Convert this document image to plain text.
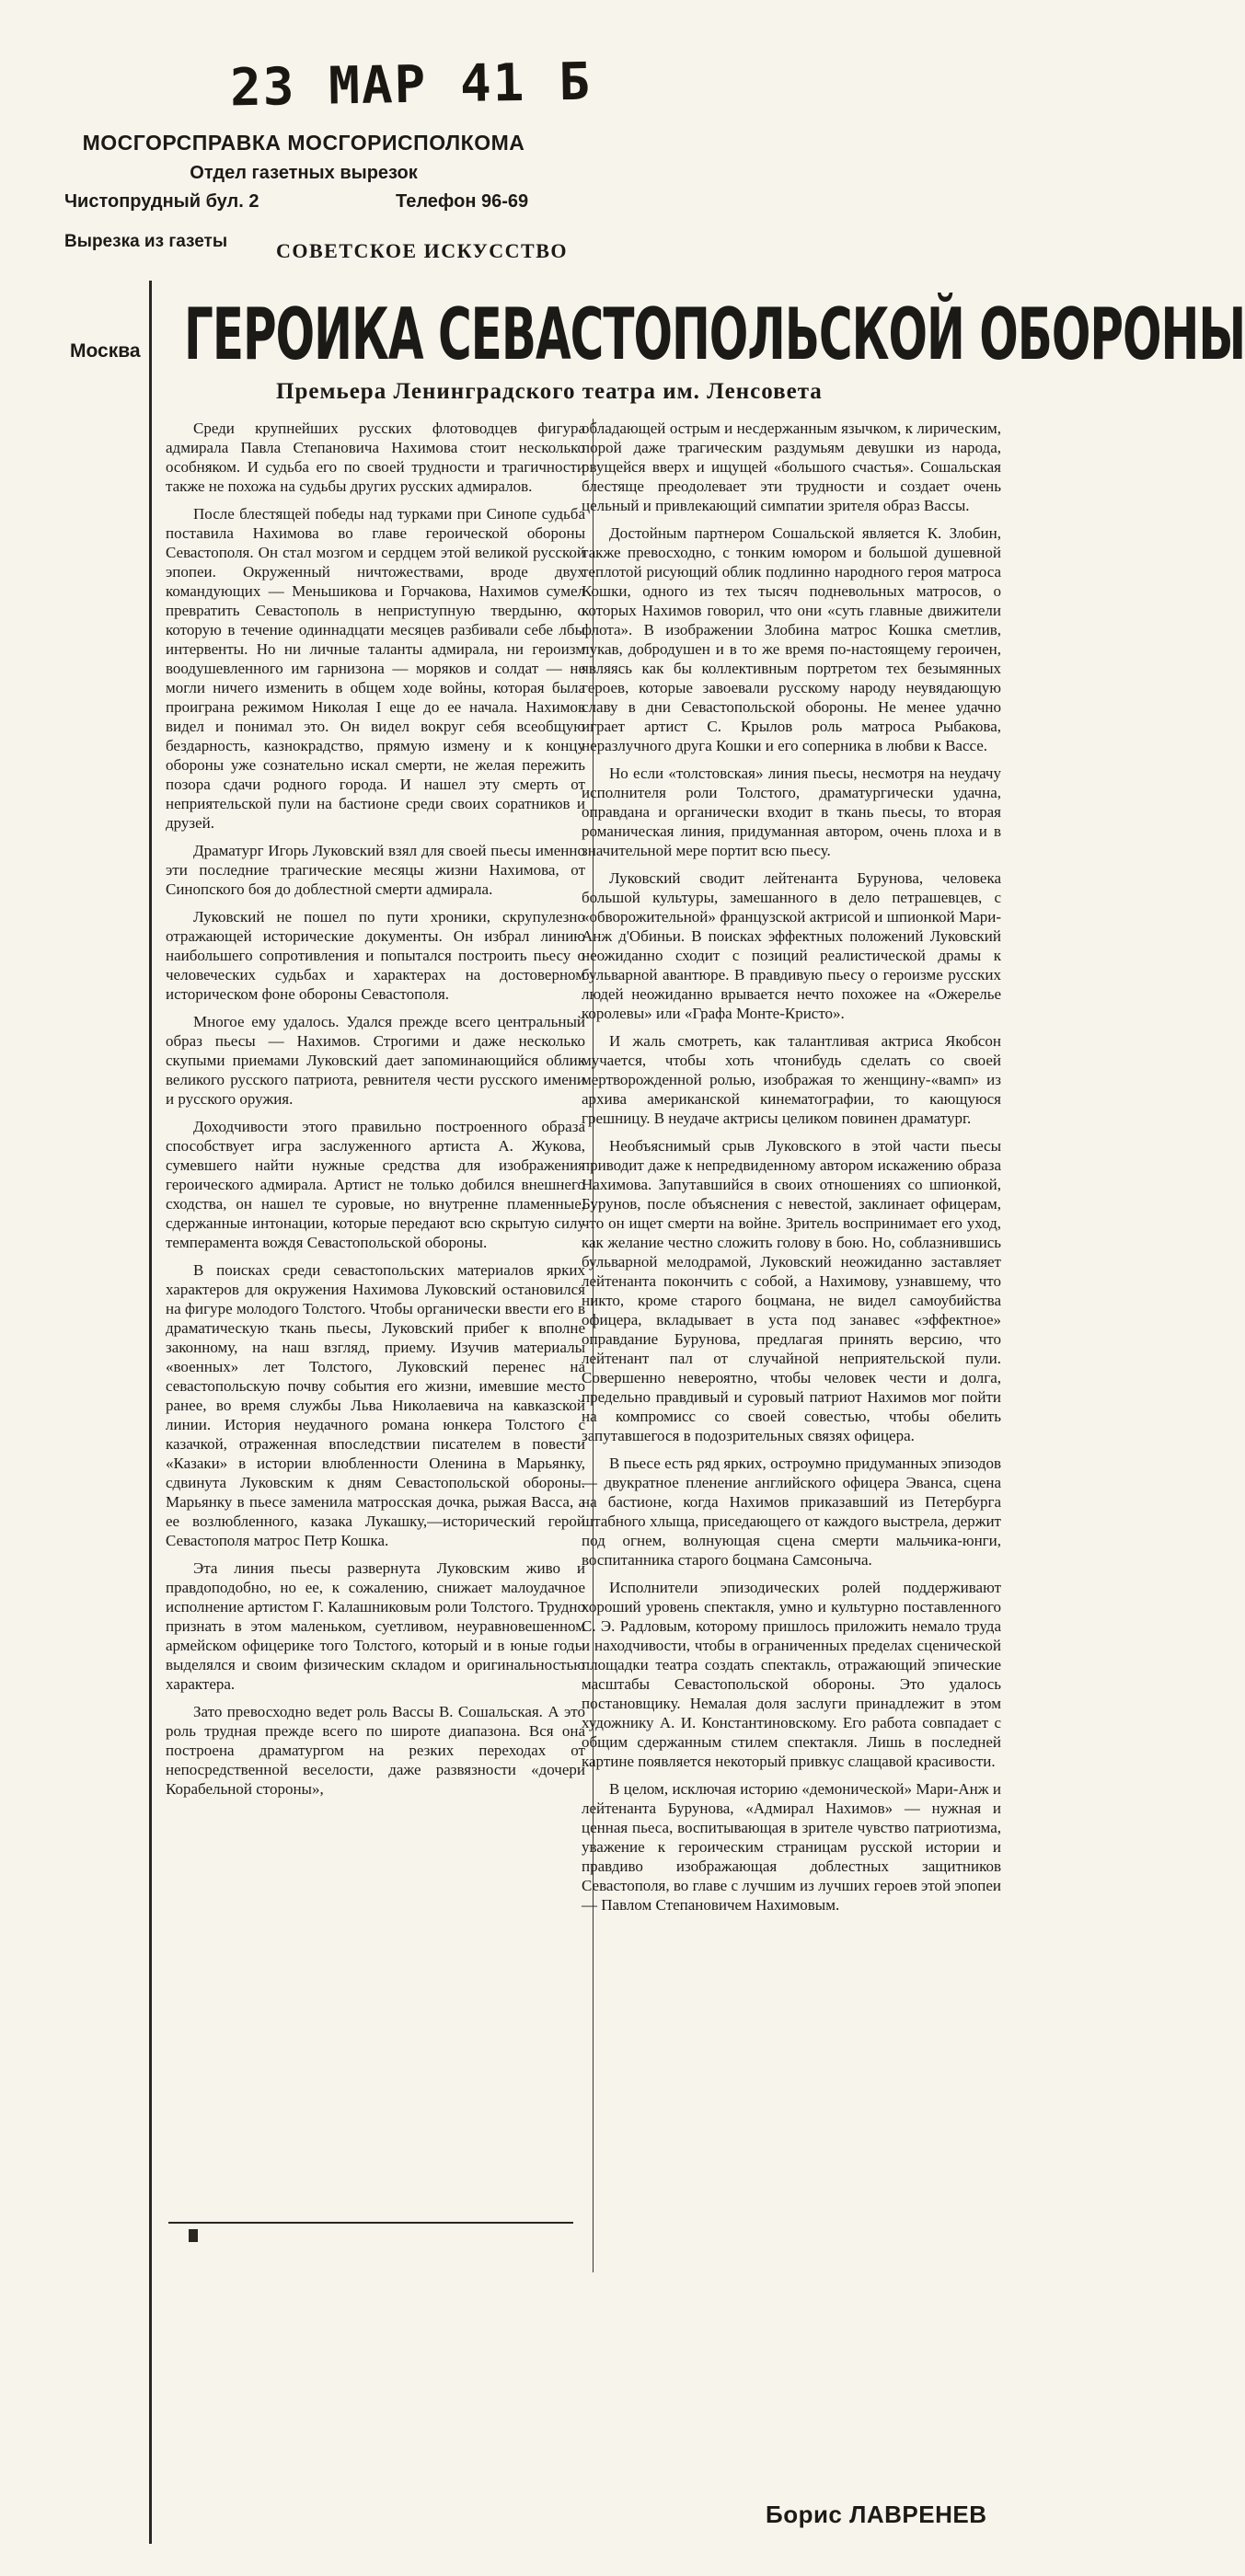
23 МАР 41 Б
МОСГОРСПРАВКА МОСГОРИСПОЛКОМА
Отдел газетных вырезок
Чистопрудный бул. 2	Телефон 96-69
Вырезка из газеты СОВЕТСКОЕ ИСКУССТВО
Москва ГЕРОИКА СЕВАСТОПОЛЬСКОЙ ОБОРОНЫ
Премьера Ленинградского театра им. Ленсовета

Среди крупнейших русских флотоводцев фигура адмирала Павла Степановича Нахимова стоит несколько особняком. И судьба его по своей трудности и трагичности также не похожа на судьбы других русских адмиралов.

После блестящей победы над турками при Синопе судьба поставила Нахимова во главе героической обороны Севастополя. Он стал мозгом и сердцем этой великой русской эпопеи. Окруженный ничтожествами, вроде двух командующих — Меньшикова и Горчакова, Нахимов сумел превратить Севастополь в неприступную твердыню, о которую в течение одиннадцати месяцев разбивали себе лбы интервенты. Но ни личные таланты адмирала, ни героизм воодушевленного им гарнизона — моряков и солдат — не могли ничего изменить в общем ходе войны, которая была проиграна режимом Николая I еще до ее начала. Нахимов видел и понимал это. Он видел вокруг себя всеобщую бездарность, казнокрадство, прямую измену и к концу обороны уже сознательно искал смерти, не желая пережить позора сдачи родного города. И нашел эту смерть от неприятельской пули на бастионе среди своих соратников и друзей.

Драматург Игорь Луковский взял для своей пьесы именно эти последние трагические месяцы жизни Нахимова, от Синопского боя до доблестной смерти адмирала.

Луковский не пошел по пути хроники, скрупулезно отражающей исторические документы. Он избрал линию наибольшего сопротивления и попытался построить пьесу о человеческих судьбах и характерах на достоверном историческом фоне обороны Севастополя.

Многое ему удалось. Удался прежде всего центральный образ пьесы — Нахимов. Строгими и даже несколько скупыми приемами Луковский дает запоминающийся облик великого русского патриота, ревнителя чести русского имени и русского оружия.

Доходчивости этого правильно построенного образа способствует игра заслуженного артиста А. Жукова, сумевшего найти нужные средства для изображения героического адмирала. Артист не только добился внешнего сходства, он нашел те суровые, но внутренне пламенные, сдержанные интонации, которые передают всю скрытую силу темперамента вождя Севастопольской обороны.

В поисках среди севастопольских материалов ярких характеров для окружения Нахимова Луковский остановился на фигуре молодого Толстого. Чтобы органически ввести его в драматическую ткань пьесы, Луковский прибег к вполне законному, на наш взгляд, приему. Изучив материалы «военных» лет Толстого, Луковский перенес на севастопольскую почву события его жизни, имевшие место ранее, во время службы Льва Николаевича на кавказской линии. История неудачного романа юнкера Толстого с казачкой, отраженная впоследствии писателем в повести «Казаки» в истории влюбленности Оленина в Марьянку, сдвинута Луковским к дням Севастопольской обороны. Марьянку в пьесе заменила матросская дочка, рыжая Васса, а ее возлюбленного, казака Лукашку,—исторический герой Севастополя матрос Петр Кошка.

Эта линия пьесы развернута Луковским живо и правдоподобно, но ее, к сожалению, снижает малоудачное исполнение артистом Г. Калашниковым роли Толстого. Трудно признать в этом маленьком, суетливом, неуравновешенном армейском офицерике того Толстого, который и в юные годы выделялся и своим физическим складом и оригинальностью характера.

Зато превосходно ведет роль Вассы В. Сошальская. А это роль трудная прежде всего по широте диапазона. Вся она построена драматургом на резких переходах от непосредственной веселости, даже развязности «дочери Корабельной стороны»,

обладающей острым и несдержанным язычком, к лирическим, порой даже трагическим раздумьям девушки из народа, рвущейся вверх и ищущей «большого счастья». Сошальская блестяще преодолевает эти трудности и создает очень цельный и привлекающий симпатии зрителя образ Вассы.

Достойным партнером Сошальской является К. Злобин, также превосходно, с тонким юмором и большой душевной теплотой рисующий облик подлинно народного героя матроса Кошки, одного из тех тысяч подневольных матросов, о которых Нахимов говорил, что они «суть главные движители флота». В изображении Злобина матрос Кошка сметлив, лукав, добродушен и в то же время по-настоящему героичен, являясь как бы коллективным портретом тех безымянных героев, которые завоевали русскому народу неувядающую славу в дни Севастопольской обороны. Не менее удачно играет артист С. Крылов роль матроса Рыбакова, неразлучного друга Кошки и его соперника в любви к Вассе.

Но если «толстовская» линия пьесы, несмотря на неудачу исполнителя роли Толстого, драматургически удачна, оправдана и органически входит в ткань пьесы, то вторая романическая линия, придуманная автором, очень плоха и в значительной мере портит всю пьесу.

Луковский сводит лейтенанта Бурунова, человека большой культуры, замешанного в дело петрашевцев, с «обворожительной» французской актрисой и шпионкой Мари-Анж д'Обиньи. В поисках эффектных положений Луковский неожиданно сходит с позиций реалистической драмы к бульварной авантюре. В правдивую пьесу о героизме русских людей неожиданно врывается нечто похожее на «Ожерелье королевы» или «Графа Монте-Кристо».

И жаль смотреть, как талантливая актриса Якобсон мучается, чтобы хоть чтонибудь сделать со своей мертворожденной ролью, изображая то женщину-«вамп» из архива американской кинематографии, то кающуюся грешницу. В неудаче актрисы целиком повинен драматург.

Необъяснимый срыв Луковского в этой части пьесы приводит даже к непредвиденному автором искажению образа Нахимова. Запутавшийся в своих отношениях со шпионкой, Бурунов, после объяснения с невестой, заклинает офицерам, что он ищет смерти на войне. Зритель воспринимает его уход, как желание честно сложить голову в бою. Но, соблазнившись бульварной мелодрамой, Луковский неожиданно заставляет лейтенанта покончить с собой, а Нахимову, узнавшему, что никто, кроме старого боцмана, не видел самоубийства офицера, вкладывает в уста под занавес «эффектное» оправдание Бурунова, предлагая принять версию, что лейтенант пал от случайной неприятельской пули. Совершенно невероятно, чтобы человек чести и долга, предельно правдивый и суровый патриот Нахимов мог пойти на компромисс со своей совестью, чтобы обелить запутавшегося в подозрительных связях офицера.

В пьесе есть ряд ярких, остроумно придуманных эпизодов — двукратное пленение английского офицера Эванса, сцена на бастионе, когда Нахимов приказавший из Петербурга штабного хлыща, приседающего от каждого выстрела, держит под огнем, волнующая сцена смерти мальчика-юнги, воспитанника старого боцмана Самсоныча.

Исполнители эпизодических ролей поддерживают хороший уровень спектакля, умно и культурно поставленного С. Э. Радловым, которому пришлось приложить немало труда и находчивости, чтобы в ограниченных пределах сценической площадки театра создать спектакль, отражающий эпические масштабы Севастопольской обороны. Это удалось постановщику. Немалая доля заслуги принадлежит в этом художнику А. И. Константиновскому. Его работа совпадает с общим сдержанным стилем спектакля. Лишь в последней картине появляется некоторый привкус слащавой красивости.

В целом, исключая историю «демонической» Мари-Анж и лейтенанта Бурунова, «Адмирал Нахимов» — нужная и ценная пьеса, воспитывающая в зрителе чувство патриотизма, уважение к героическим страницам русской истории и правдиво изображающая доблестных защитников Севастополя, во главе с лучшим из лучших героев этой эпопеи — Павлом Степановичем Нахимовым.

Борис ЛАВРЕНЕВ
